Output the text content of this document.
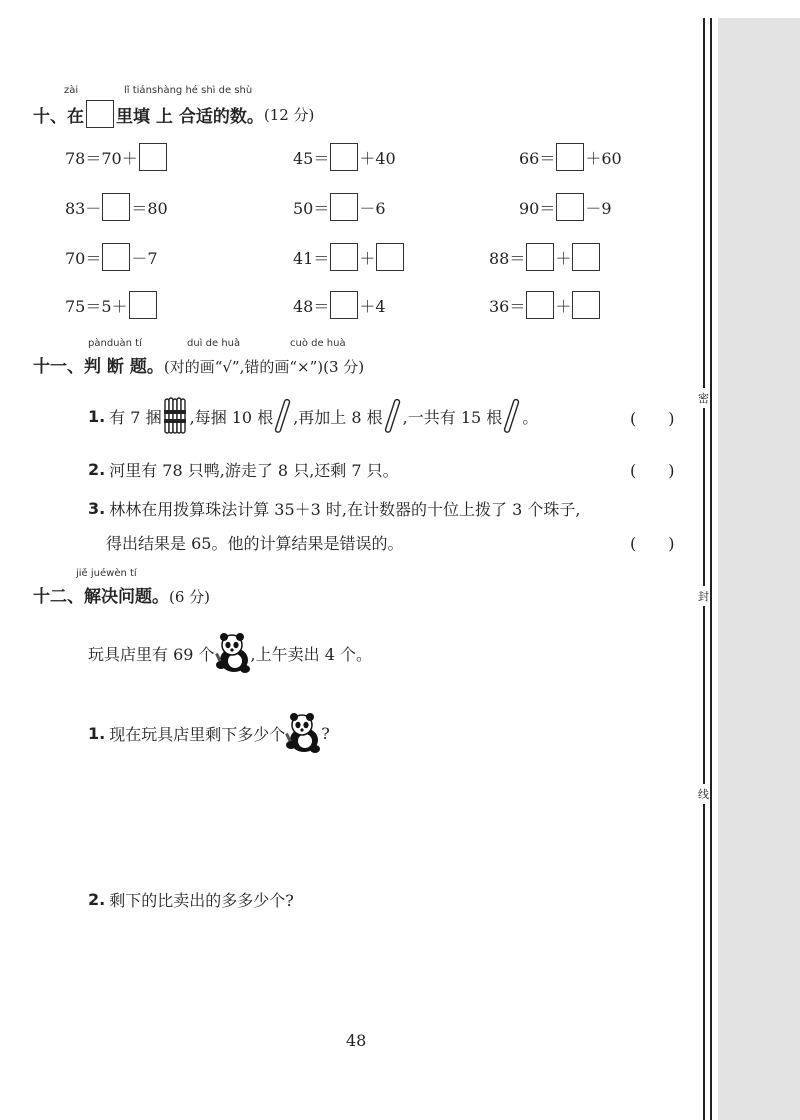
密
封
线
zài	lǐ tiánshàng hé shì de shù
十、 在 里填 上 合适的数。 (12 分)
78＝70＋	45＝ ＋40	66＝ ＋60
83－ ＝80	50＝ －6	90＝ －9
70＝ －7	41＝ ＋	88＝ ＋
75＝5＋	48＝ ＋4	36＝ ＋
pànduàn tí	duì de huà	cuò de huà
十一、判 断 题。(对的画“√”,错的画“×”)(3 分)
1. 有 7 捆 ,每捆 10 根 ,再加上 8 根 ,一共有 15 根 。	(　　)
2. 河里有 78 只鸭,游走了 8 只,还剩 7 只。	(　　)
3. 林林在用拨算珠法计算 35＋3 时,在计数器的十位上拨了 3 个珠子,
得出结果是 65。他的计算结果是错误的。	(　　)
jiě juéwèn tí
十二、解决问题。(6 分)
玩具店里有 69 个 ,上午卖出 4 个。
1. 现在玩具店里剩下多少个 ?
2. 剩下的比卖出的多多少个?
48
